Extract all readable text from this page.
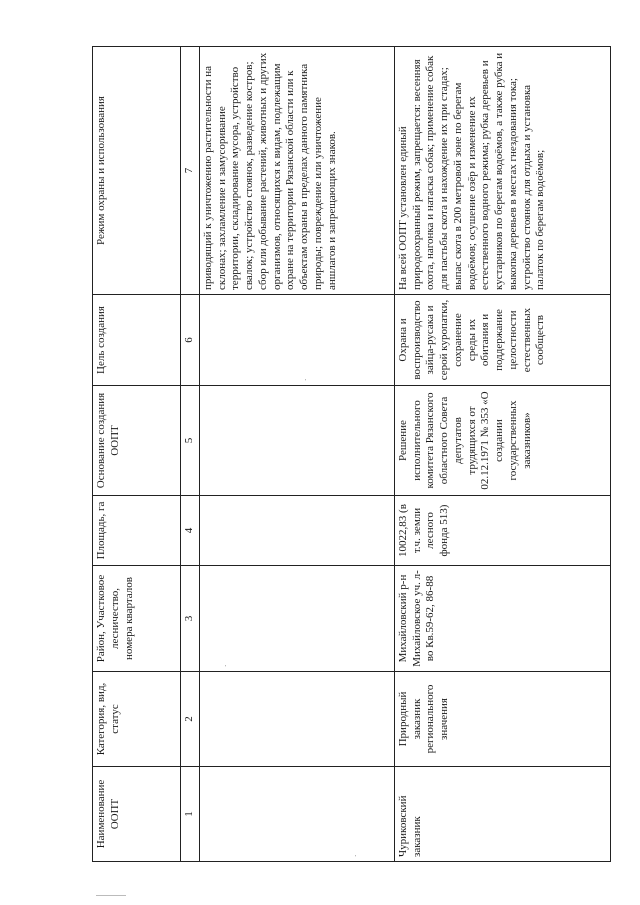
Наименование ООПТ	Категория, вид, статус	Район, Участковое лесничество, номера кварталов	Площадь, га	Основание создания ООПТ	Цель создания	Режим охраны и использования
1	2	3	4	5	6	7

·		·			·	приводящий к уничтожению растительности на склонах; захламление и замусоривание территории, складирование мусора, устройство свалок; устройство стоянок, разведение костров; сбор или добывание растений, животных и других организмов, относящихся к видам, подлежащим охране на территории Рязанской области или к объектам охраны в пределах данного памятника природы; повреждение или уничтожение аншлагов и запрещающих знаков.
Чуриковский заказник	Природный заказник регионального значения	Михайловский р-н Михайловское уч. л-во Кв.59-62, 86-88	10022,83 (в т.ч. земли лесного фонда 513)	Решение исполнительного комитета Рязанского областного Совета депутатов трудящихся от 02.12.1971 № 353 «О создании государственных заказников»	Охрана и воспроизводство зайца-русака и серой куропатки, сохранение среды их обитания и поддержание целостности естественных сообществ	На всей ООПТ установлен единый природоохранный режим, запрещается: весенняя охота, нагонка и натаска собак; применение собак для пастьбы скота и нахождение их при стадах; выпас скота в 200 метровой зоне по берегам водоёмов; осушение озёр и изменение их естественного водного режима; рубка деревьев и кустарников по берегам водоёмов, а также рубка и выкопка деревьев в местах гнездования тока; устройство стоянок для отдыха и установка палаток по берегам водоёмов;
